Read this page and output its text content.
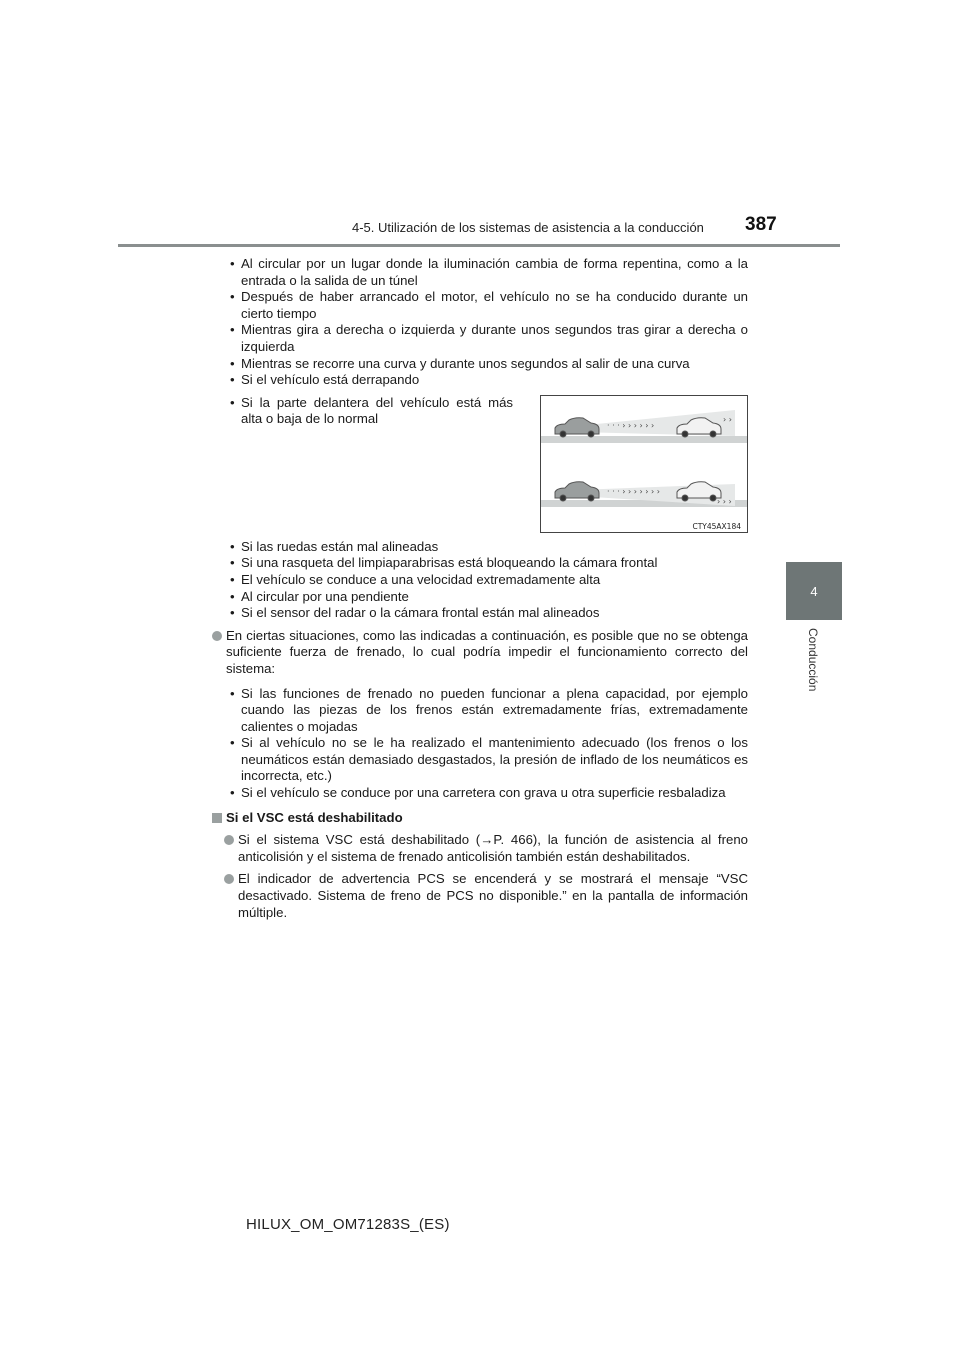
4-5. Utilización de los sistemas de asistencia a la conducción 387
4
Conducción
• Al circular por un lugar donde la iluminación cambia de forma repentina, como a la entrada o la salida de un túnel
• Después de haber arrancado el motor, el vehículo no se ha conducido durante un cierto tiempo
• Mientras gira a derecha o izquierda y durante unos segundos tras girar a derecha o izquierda
• Mientras se recorre una curva y durante unos segundos al salir de una curva
• Si el vehículo está derrapando
• Si la parte delantera del vehículo está más alta o baja de lo normal	· · · › › › › › ›
› ›
· · · › › › › › › ›
› › ›
CTY45AX184
• Si las ruedas están mal alineadas
• Si una rasqueta del limpiaparabrisas está bloqueando la cámara frontal
• El vehículo se conduce a una velocidad extremadamente alta
• Al circular por una pendiente
• Si el sensor del radar o la cámara frontal están mal alineados
En ciertas situaciones, como las indicadas a continuación, es posible que no se obtenga suficiente fuerza de frenado, lo cual podría impedir el funcionamiento correcto del sistema:
• Si las funciones de frenado no pueden funcionar a plena capacidad, por ejemplo cuando las piezas de los frenos están extremadamente frías, extremadamente calientes o mojadas
• Si al vehículo no se le ha realizado el mantenimiento adecuado (los frenos o los neumáticos están demasiado desgastados, la presión de inflado de los neumáticos es incorrecta, etc.)
• Si el vehículo se conduce por una carretera con grava u otra superficie resbaladiza
Si el VSC está deshabilitado
Si el sistema VSC está deshabilitado (→P. 466), la función de asistencia al freno anticolisión y el sistema de frenado anticolisión también están deshabilitados.
El indicador de advertencia PCS se encenderá y se mostrará el mensaje “VSC desactivado. Sistema de freno de PCS no disponible.” en la pantalla de información múltiple.
HILUX_OM_OM71283S_(ES)
